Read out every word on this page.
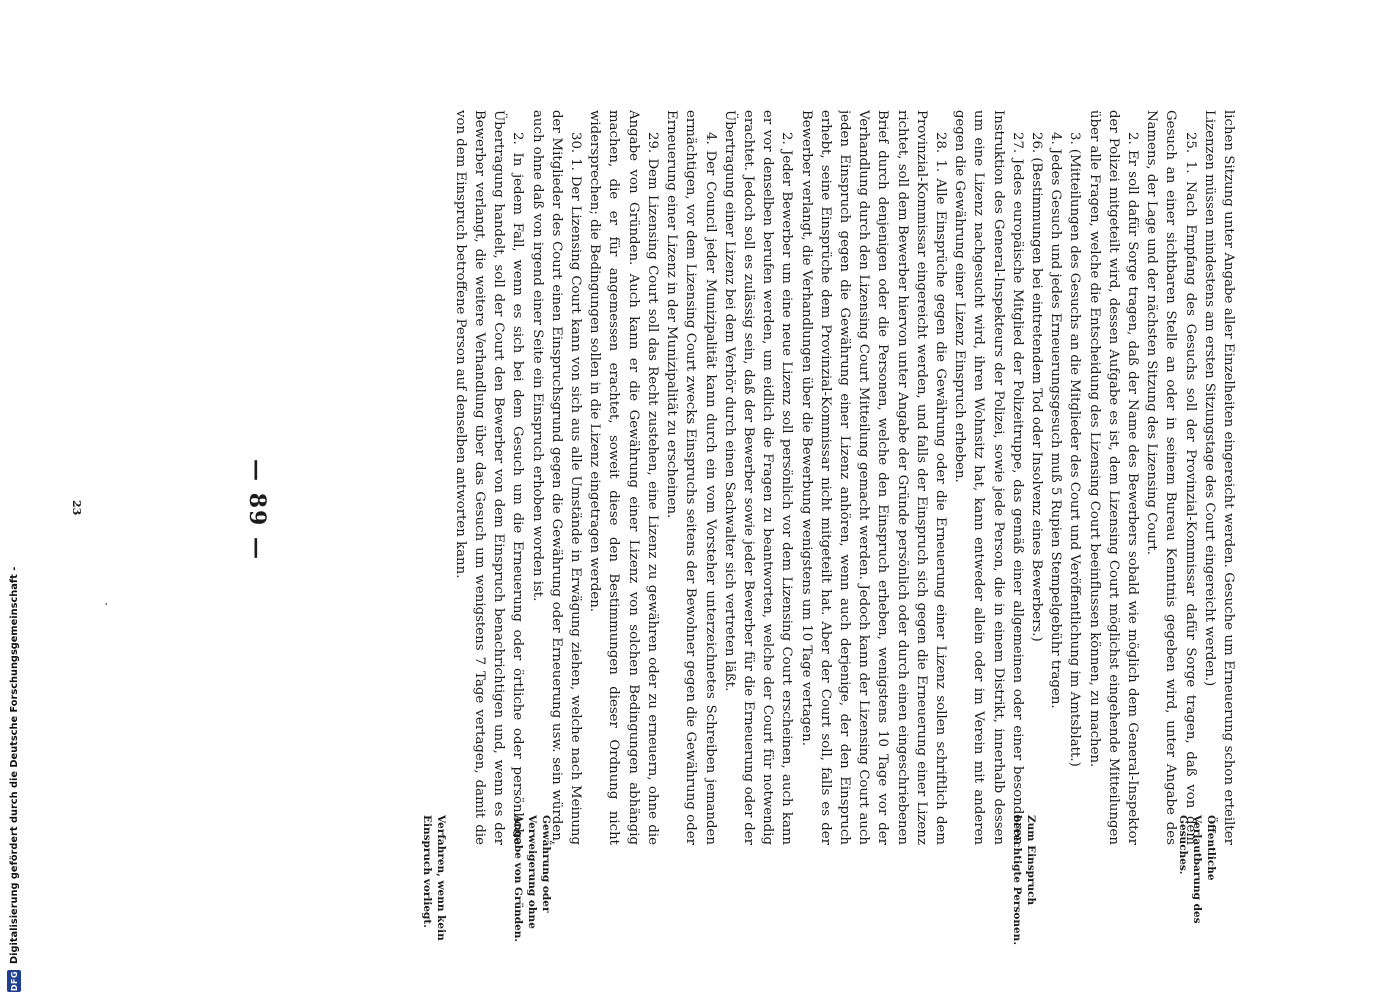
— 89 —	lichen Sitzung unter Angabe aller Einzelheiten eingereicht werden. Gesuche um Erneuerung schon erteilter Lizenzen müssen mindestens am ersten Sitzungstage des Court eingereicht werden.)

25. 1. Nach Empfang des Gesuchs soll der Provinzial-Kommissar dafür Sorge tragen, daß von dem Gesuch an einer sichtbaren Stelle an oder in seinem Bureau Kenntnis gegeben wird, unter Angabe des Namens, der Lage und der nächsten Sitzung des Lizensing Court.

2. Er soll dafür Sorge tragen, daß der Name des Bewerbers sobald wie möglich dem General-Inspektor der Polizei mitgeteilt wird, dessen Aufgabe es ist, dem Lizensing Court möglichst eingehende Mitteilungen über alle Fragen, welche die Entscheidung des Lizensing Court beeinflussen können, zu machen.

3. (Mitteilungen des Gesuchs an die Mitglieder des Court und Veröffentlichung im Amtsblatt.)

4. Jedes Gesuch und jedes Erneuerungsgesuch muß 5 Rupien Stempelgebühr tragen.

26. (Bestimmungen bei eintretendem Tod oder Insolvenz eines Bewerbers.)

27. Jedes europäische Mitglied der Polizeitruppe, das gemäß einer allgemeinen oder einer besonderen Instruktion des General-Inspekteurs der Polizei, sowie jede Person, die in einem Distrikt, innerhalb dessen um eine Lizenz nachgesucht wird, ihren Wohnsitz hat, kann entweder allein oder im Verein mit anderen gegen die Gewährung einer Lizenz Einspruch erheben.

28. 1. Alle Einsprüche gegen die Gewährung oder die Erneuerung einer Lizenz sollen schriftlich dem Provinzial-Kommissar eingereicht werden, und falls der Einspruch sich gegen die Erneuerung einer Lizenz richtet, soll dem Bewerber hiervon unter Angabe der Gründe persönlich oder durch einen eingeschriebenen Brief durch denjenigen oder die Personen, welche den Einspruch erheben, wenigstens 10 Tage vor der Verhandlung durch den Lizensing Court Mitteilung gemacht werden. Jedoch kann der Lizensing Court auch jeden Einspruch gegen die Gewährung einer Lizenz anhören, wenn auch derjenige, der den Einspruch erhebt, seine Einsprüche dem Provinzial-Kommissar nicht mitgeteilt hat. Aber der Court soll, falls es der Bewerber verlangt, die Verhandlungen über die Bewerbung wenigstens um 10 Tage vertagen.

2. Jeder Bewerber um eine neue Lizenz soll persönlich vor dem Lizensing Court erscheinen, auch kann er vor denselben berufen werden, um eidlich die Fragen zu beantworten, welche der Court für notwendig erachtet. Jedoch soll es zulässig sein, daß der Bewerber sowie jeder Bewerber für die Erneuerung oder der Übertragung einer Lizenz bei dem Verhör durch einen Sachwalter sich vertreten läßt.

4. Der Council jeder Munizipalität kann durch ein vom Vorsteher unterzeichnetes Schreiben jemanden ermächtigen, vor dem Lizensing Court zwecks Einspruchs seitens der Bewohner gegen die Gewährung oder Erneuerung einer Lizenz in der Munizipalität zu erscheinen.

29. Dem Lizensing Court soll das Recht zustehen, eine Lizenz zu gewähren oder zu erneuern, ohne die Angabe von Gründen. Auch kann er die Gewährung einer Lizenz von solchen Bedingungen abhängig machen, die er für angemessen erachtet, soweit diese den Bestimmungen dieser Ordnung nicht widersprechen; die Bedingungen sollen in die Lizenz eingetragen werden.

30. 1. Der Lizensing Court kann von sich aus alle Umstände in Erwägung ziehen, welche nach Meinung der Mitglieder des Court einen Einspruchsgrund gegen die Gewährung oder Erneuerung usw. sein würden, auch ohne daß von irgend einer Seite ein Einspruch erhoben worden ist.

2. In jedem Fall, wenn es sich bei dem Gesuch um die Erneuerung oder örtliche oder persönliche Übertragung handelt, soll der Court den Bewerber von dem Einspruch benachrichtigen und, wenn es der Bewerber verlangt, die weitere Verhandlung über das Gesuch um wenigstens 7 Tage vertagen, damit die von dem Einspruch betroffene Person auf denselben antworten kann.

Öffentliche Verlautbarung des Gesuches.
Zum Einspruch berechtigte Personen.
Gewährung oder Verweigerung ohne Angabe von Gründen.
Verfahren, wenn kein Einspruch vorliegt.
·
23
DFG
Digitalisierung gefördert durch die Deutsche Forschungsgemeinschaft -
